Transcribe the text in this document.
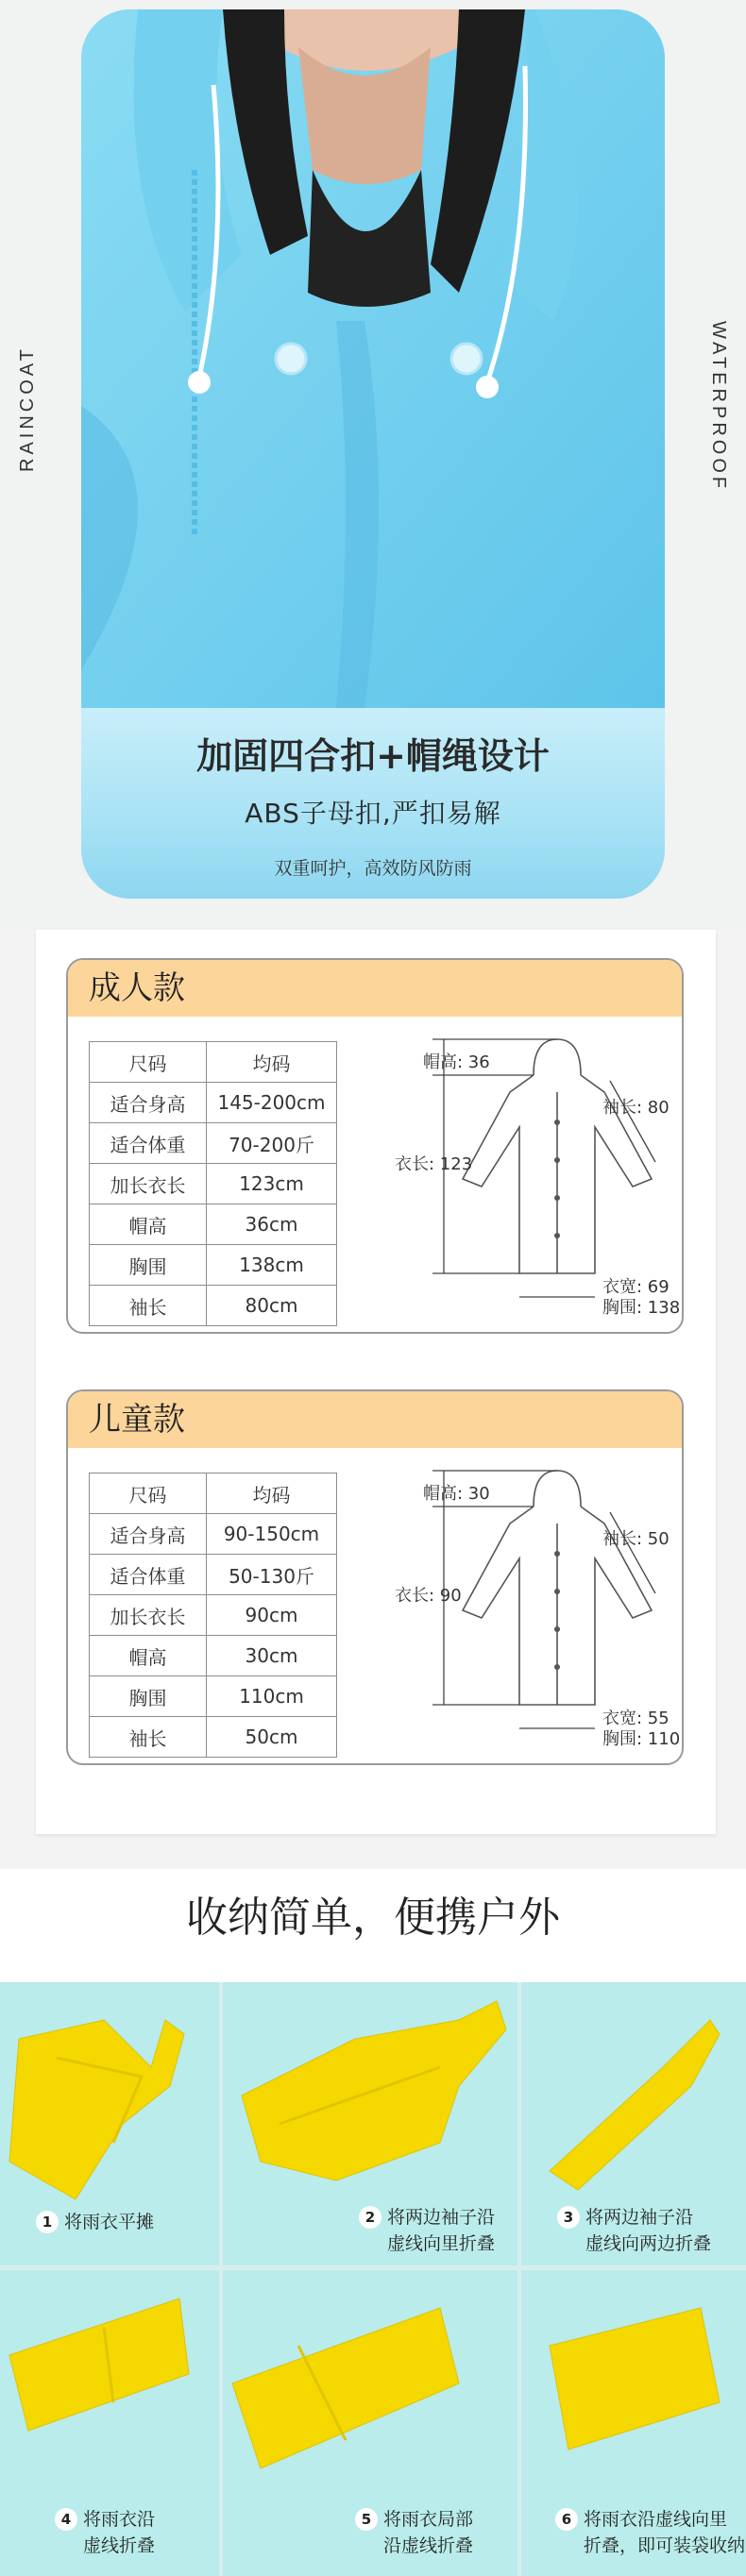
RAINCOAT	WATERPROOF
加固四合扣+帽绳设计
ABS子母扣,严扣易解
双重呵护，高效防风防雨
成人款
尺码	均码
适合身高	145-200cm
适合体重	70-200斤
加长衣长	123cm
帽高	36cm
胸围	138cm
袖长	80cm
帽高: 36
衣长: 123
袖长: 80
衣宽: 69
胸围: 138
儿童款
尺码	均码
适合身高	90-150cm
适合体重	50-130斤
加长衣长	90cm
帽高	30cm
胸围	110cm
袖长	50cm
帽高: 30
衣长: 90
袖长: 50
衣宽: 55
胸围: 110
收纳简单，便携户外
1 将雨衣平摊	2 将两边袖子沿
虚线向里折叠
3 将两边袖子沿
虚线向两边折叠
4 将雨衣沿
虚线折叠
5 将雨衣局部
沿虚线折叠
6 将雨衣沿虚线向里
折叠，即可装袋收纳
